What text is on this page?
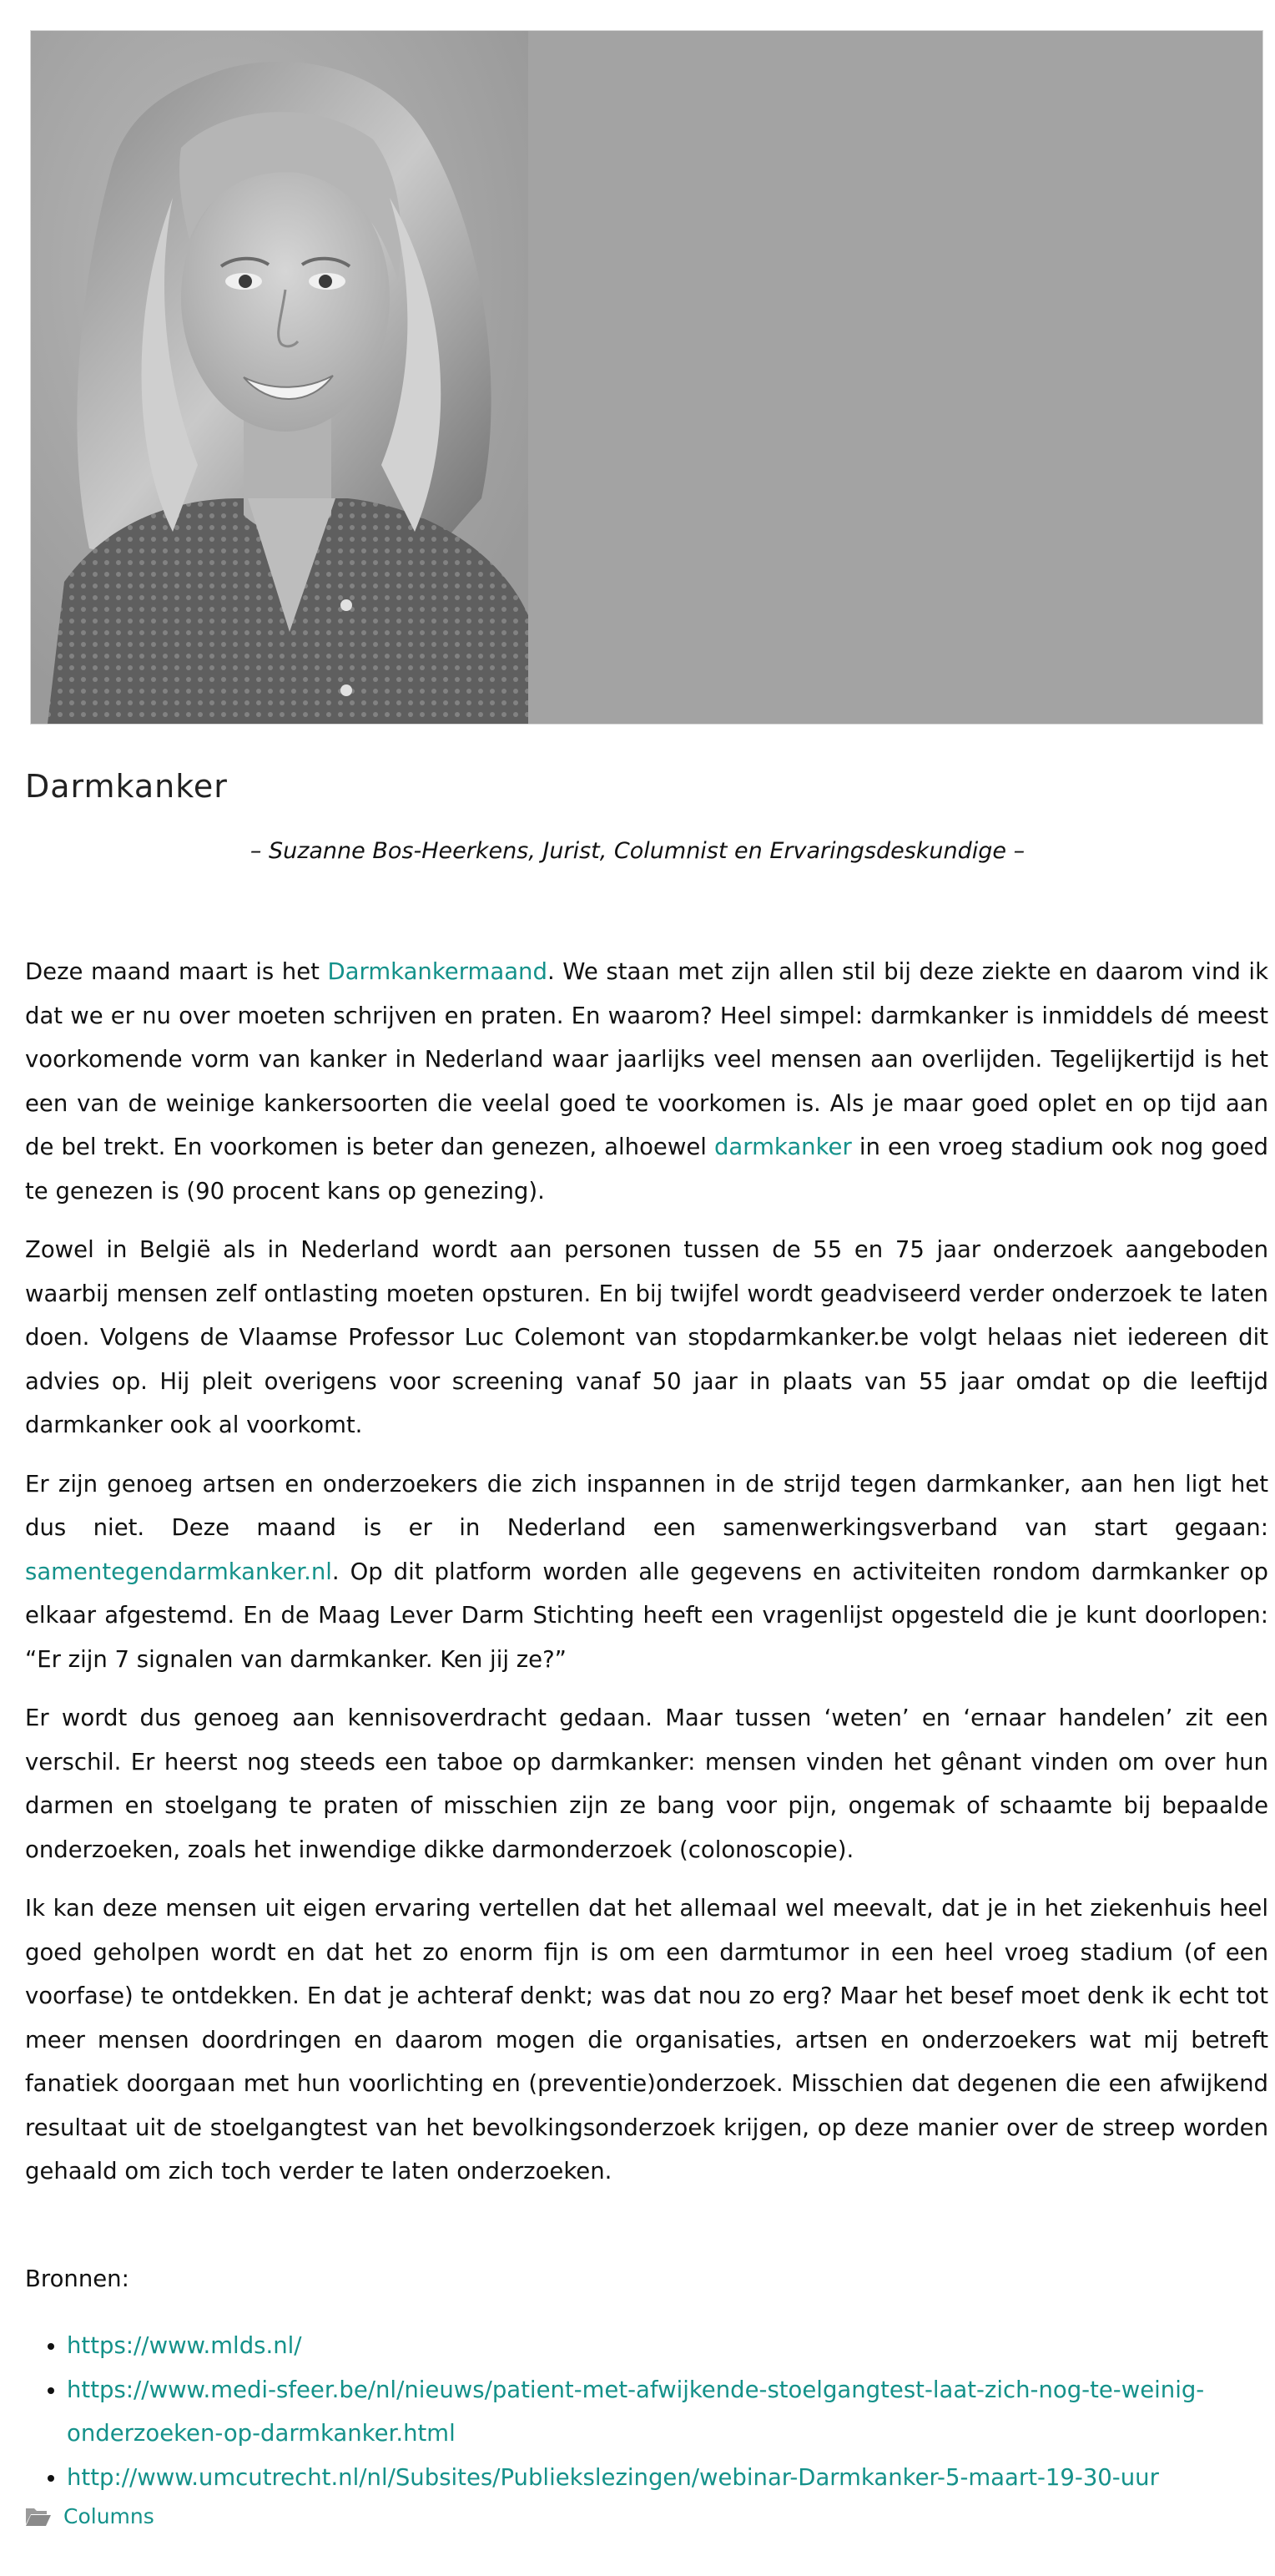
Darmkanker
– Suzanne Bos-Heerkens, Jurist, Columnist en Ervaringsdeskundige –

Deze maand maart is het Darmkankermaand. We staan met zijn allen stil bij deze ziekte en daarom vind ik dat we er nu over moeten schrijven en praten. En waarom? Heel simpel: darmkanker is inmiddels dé meest voorkomende vorm van kanker in Nederland waar jaarlijks veel mensen aan overlijden. Tegelijkertijd is het een van de weinige kankersoorten die veelal goed te voorkomen is. Als je maar goed oplet en op tijd aan de bel trekt. En voorkomen is beter dan genezen, alhoewel darmkanker in een vroeg stadium ook nog goed te genezen is (90 procent kans op genezing).

Zowel in België als in Nederland wordt aan personen tussen de 55 en 75 jaar onderzoek aangeboden waarbij mensen zelf ontlasting moeten opsturen. En bij twijfel wordt geadviseerd verder onderzoek te laten doen. Volgens de Vlaamse Professor Luc Colemont van stopdarmkanker.be volgt helaas niet iedereen dit advies op. Hij pleit overigens voor screening vanaf 50 jaar in plaats van 55 jaar omdat op die leeftijd darmkanker ook al voorkomt.

Er zijn genoeg artsen en onderzoekers die zich inspannen in de strijd tegen darmkanker, aan hen ligt het dus niet. Deze maand is er in Nederland een samenwerkingsverband van start gegaan: samentegendarmkanker.nl. Op dit platform worden alle gegevens en activiteiten rondom darmkanker op elkaar afgestemd. En de Maag Lever Darm Stichting heeft een vragenlijst opgesteld die je kunt doorlopen: “Er zijn 7 signalen van darmkanker. Ken jij ze?”

Er wordt dus genoeg aan kennisoverdracht gedaan. Maar tussen ‘weten’ en ‘ernaar handelen’ zit een verschil. Er heerst nog steeds een taboe op darmkanker: mensen vinden het gênant vinden om over hun darmen en stoelgang te praten of misschien zijn ze bang voor pijn, ongemak of schaamte bij bepaalde onderzoeken, zoals het inwendige dikke darmonderzoek (colonoscopie).

Ik kan deze mensen uit eigen ervaring vertellen dat het allemaal wel meevalt, dat je in het ziekenhuis heel goed geholpen wordt en dat het zo enorm fijn is om een darmtumor in een heel vroeg stadium (of een voorfase) te ontdekken. En dat je achteraf denkt; was dat nou zo erg? Maar het besef moet denk ik echt tot meer mensen doordringen en daarom mogen die organisaties, artsen en onderzoekers wat mij betreft fanatiek doorgaan met hun voorlichting en (preventie)onderzoek. Misschien dat degenen die een afwijkend resultaat uit de stoelgangtest van het bevolkingsonderzoek krijgen, op deze manier over de streep worden gehaald om zich toch verder te laten onderzoeken.

Bronnen:
• https://www.mlds.nl/
• https://www.medi-sfeer.be/nl/nieuws/patient-met-afwijkende-stoelgangtest-laat-zich-nog-te-weinig-onderzoeken-op-darmkanker.html
• http://www.umcutrecht.nl/nl/Subsites/Publiekslezingen/webinar-Darmkanker-5-maart-19-30-uur
Columns
